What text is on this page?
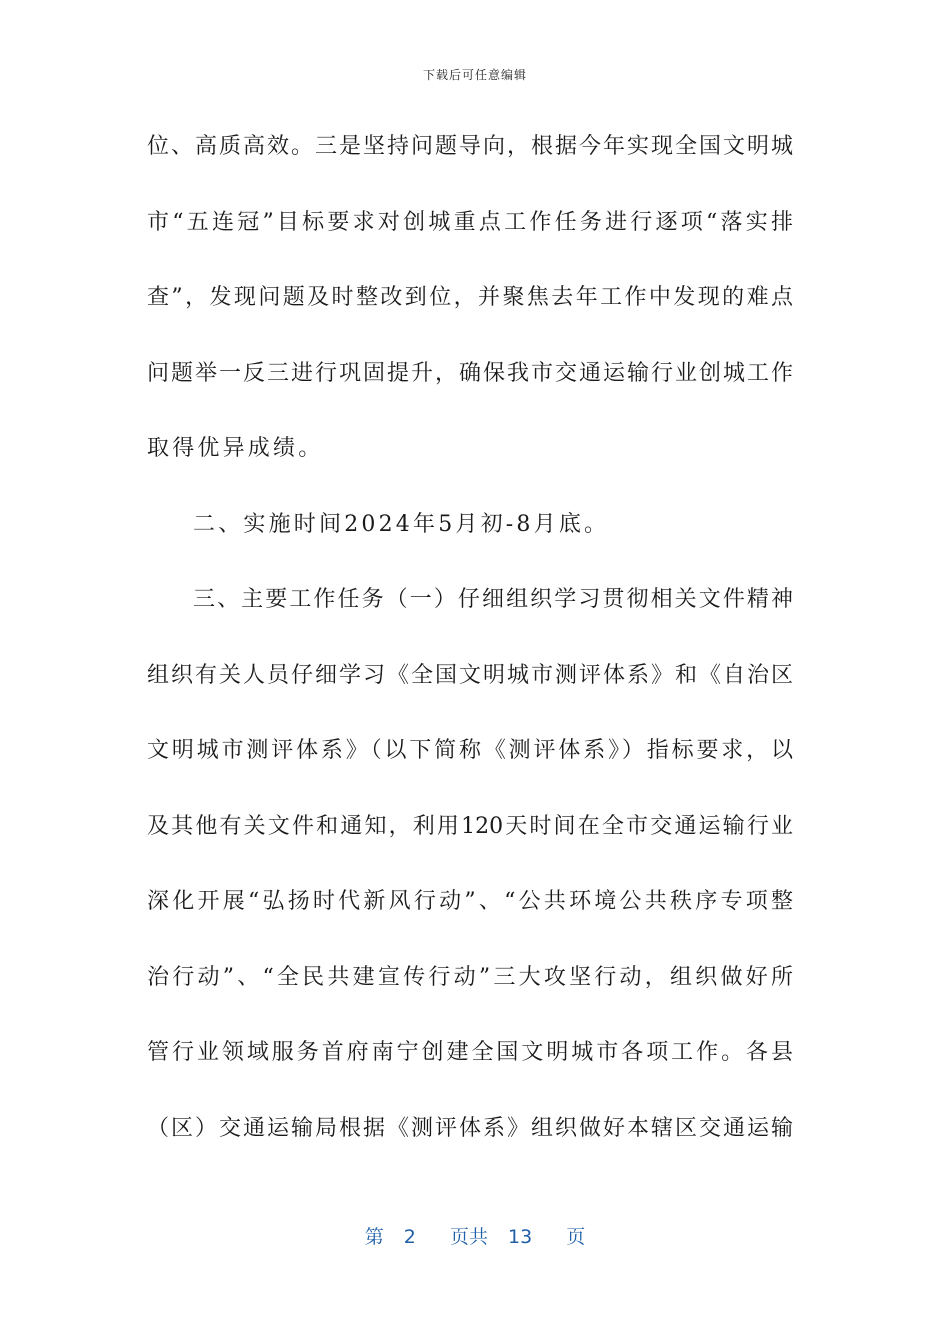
下载后可任意编辑
位、高质高效。三是坚持问题导向，根据今年实现全国文明城
市“五连冠”目标要求对创城重点工作任务进行逐项“落实排
查”，发现问题及时整改到位，并聚焦去年工作中发现的难点
问题举一反三进行巩固提升，确保我市交通运输行业创城工作
取得优异成绩。
二、实施时间2024年5月初-8月底。
三、主要工作任务（一）仔细组织学习贯彻相关文件精神
组织有关人员仔细学习《全国文明城市测评体系》和《自治区
文明城市测评体系》（以下简称《测评体系》）指标要求，以
及其他有关文件和通知，利用120天时间在全市交通运输行业
深化开展“弘扬时代新风行动”、“公共环境公共秩序专项整
治行动”、“全民共建宣传行动”三大攻坚行动，组织做好所
管行业领域服务首府南宁创建全国文明城市各项工作。各县
（区）交通运输局根据《测评体系》组织做好本辖区交通运输
第 2 页共 13 页
